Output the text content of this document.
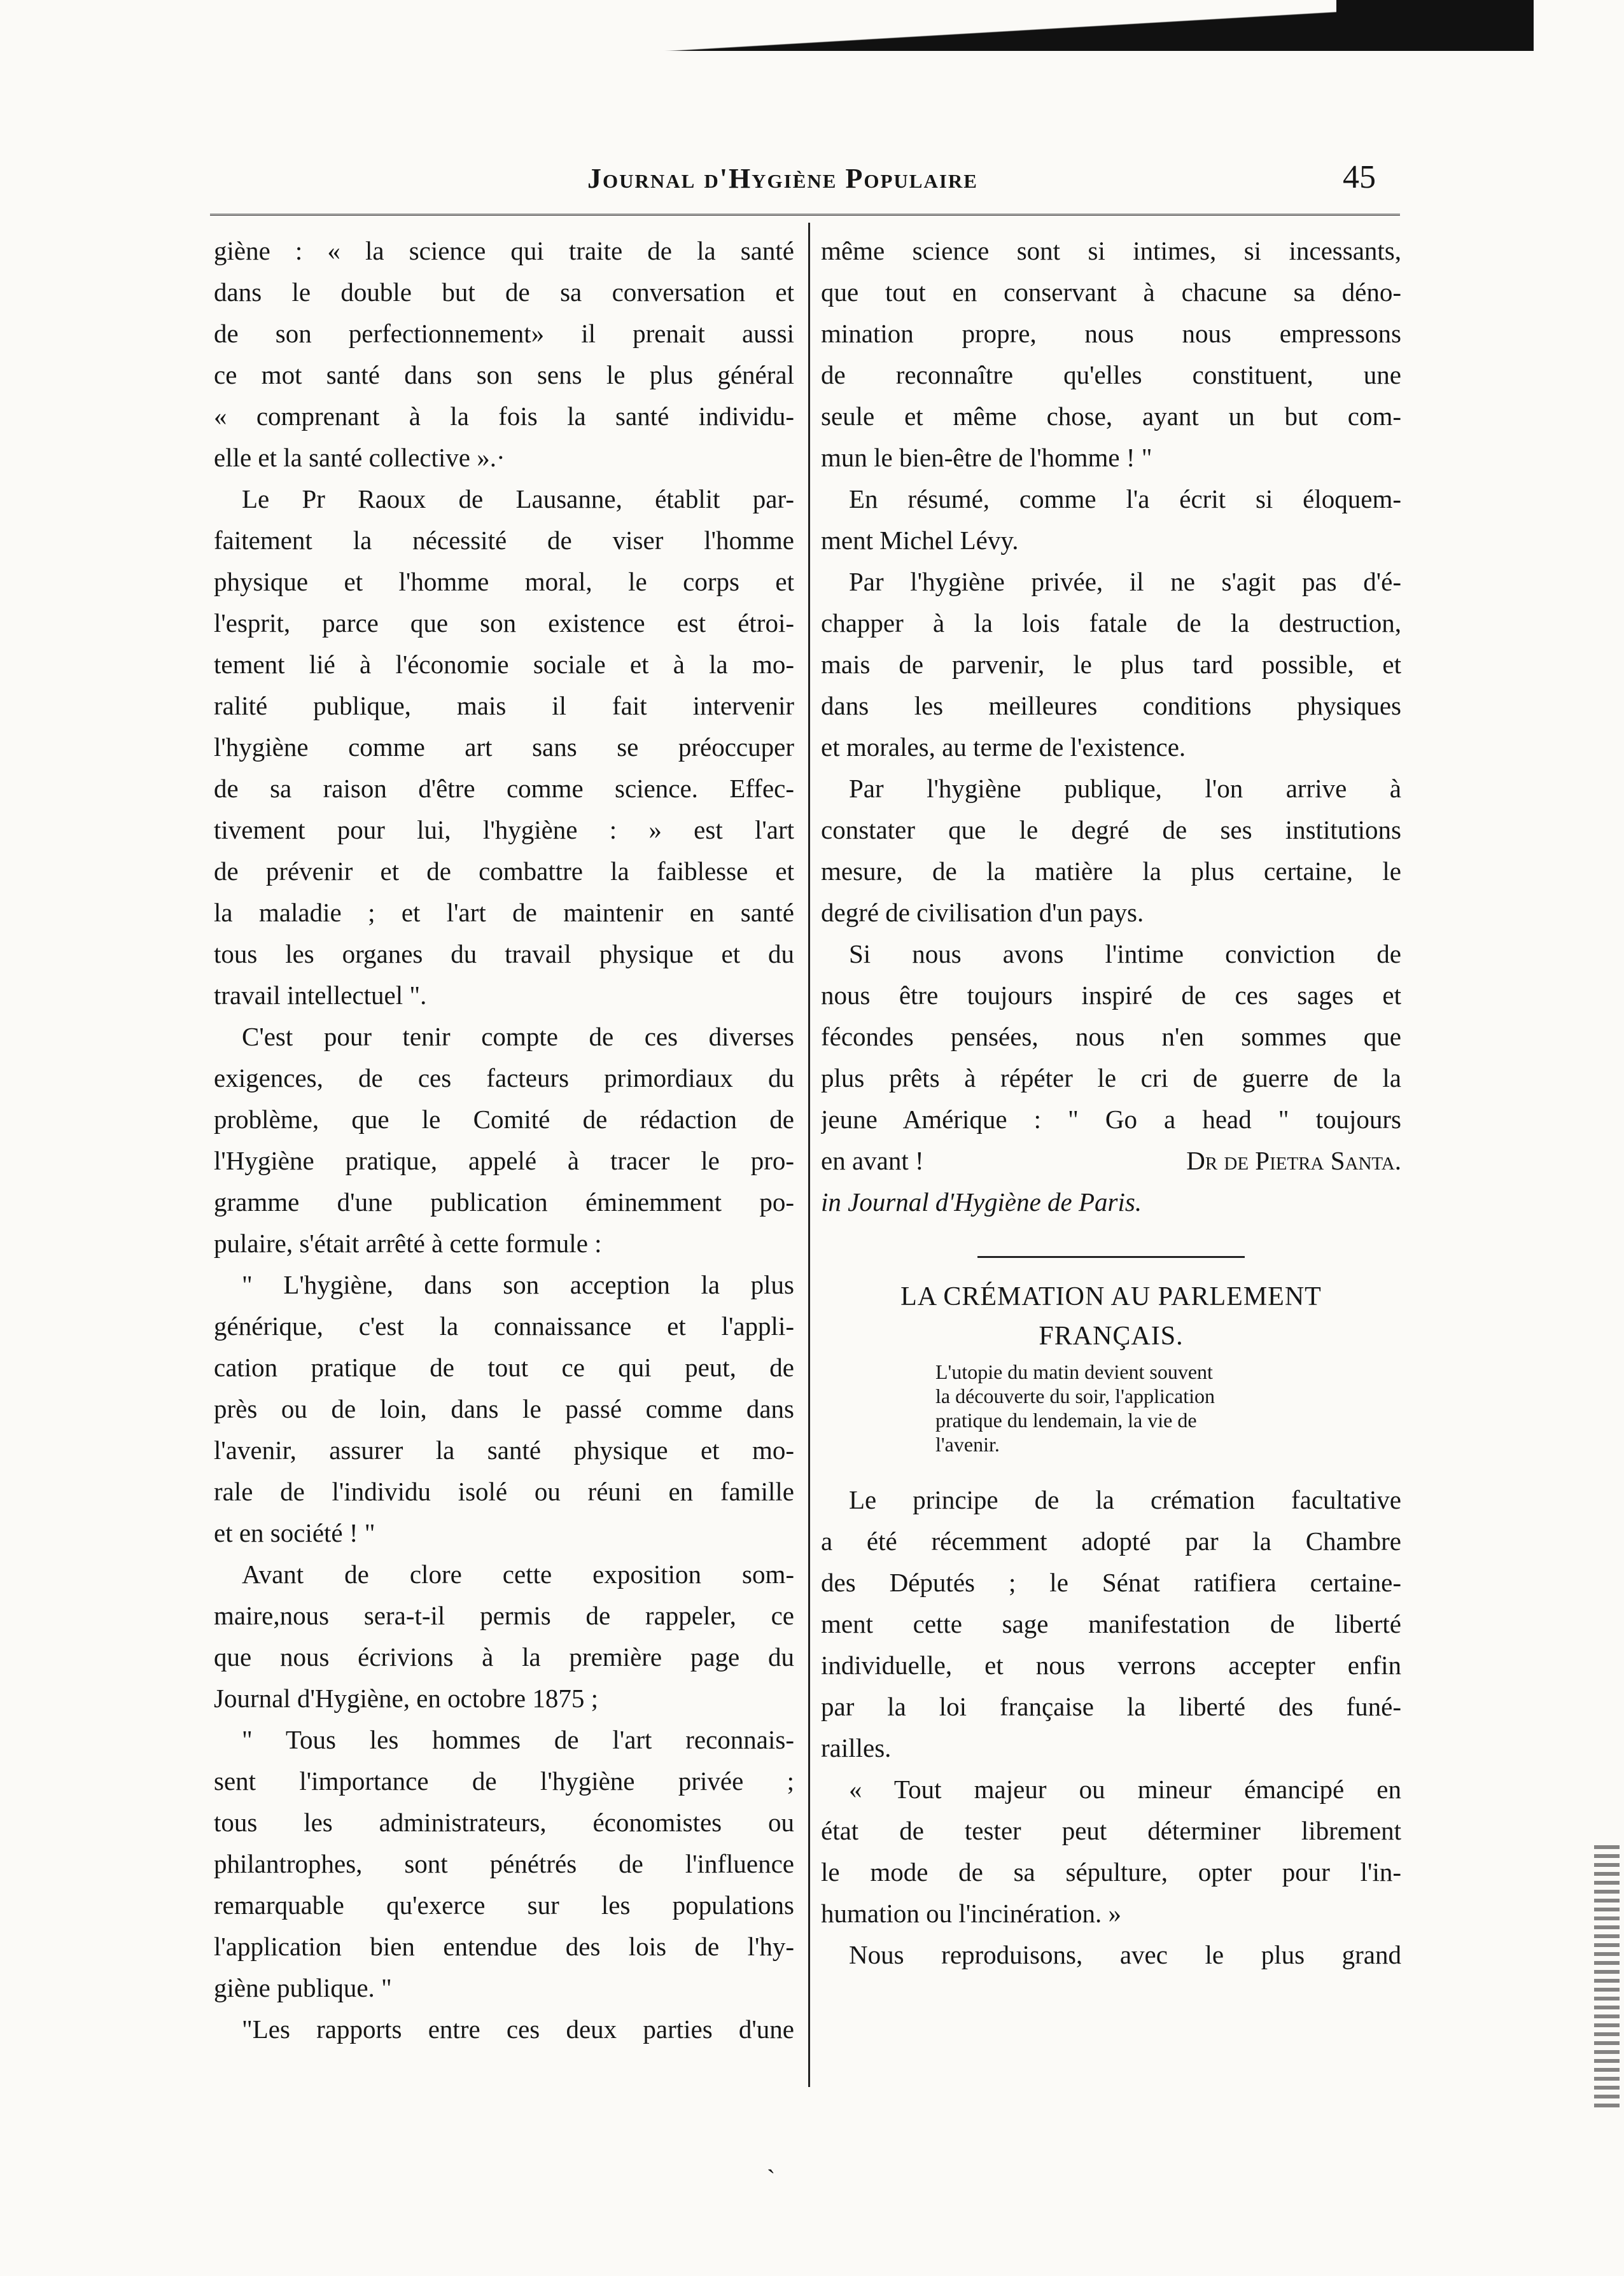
Journal d'Hygiène Populaire	45
giène : « la science qui traite de la santé
dans le double but de sa conversation et
de son perfectionnement» il prenait aussi
ce mot santé dans son sens le plus général
« comprenant à la fois la santé individu-
elle et la santé collective ».·
Le Pr Raoux de Lausanne, établit par-
faitement la nécessité de viser l'homme
physique et l'homme moral, le corps et
l'esprit, parce que son existence est étroi-
tement lié à l'économie sociale et à la mo-
ralité publique, mais il fait intervenir
l'hygiène comme art sans se préoccuper
de sa raison d'être comme science. Effec-
tivement pour lui, l'hygiène : » est l'art
de prévenir et de combattre la faiblesse et
la maladie ; et l'art de maintenir en santé
tous les organes du travail physique et du
travail intellectuel ".
C'est pour tenir compte de ces diverses
exigences, de ces facteurs primordiaux du
problème, que le Comité de rédaction de
l'Hygiène pratique, appelé à tracer le pro-
gramme d'une publication éminemment po-
pulaire, s'était arrêté à cette formule :
" L'hygiène, dans son acception la plus
générique, c'est la connaissance et l'appli-
cation pratique de tout ce qui peut, de
près ou de loin, dans le passé comme dans
l'avenir, assurer la santé physique et mo-
rale de l'individu isolé ou réuni en famille
et en société ! "
Avant de clore cette exposition som-
maire,nous sera-t-il permis de rappeler, ce
que nous écrivions à la première page du
Journal d'Hygiène, en octobre 1875 ;
" Tous les hommes de l'art reconnais-
sent l'importance de l'hygiène privée ;
tous les administrateurs, économistes ou
philantrophes, sont pénétrés de l'influence
remarquable qu'exerce sur les populations
l'application bien entendue des lois de l'hy-
giène publique. "
"Les rapports entre ces deux parties d'une
même science sont si intimes, si incessants,
que tout en conservant à chacune sa déno-
mination propre, nous nous empressons
de reconnaître qu'elles constituent, une
seule et même chose, ayant un but com-
mun le bien-être de l'homme ! "
En résumé, comme l'a écrit si éloquem-
ment Michel Lévy.
Par l'hygiène privée, il ne s'agit pas d'é-
chapper à la lois fatale de la destruction,
mais de parvenir, le plus tard possible, et
dans les meilleures conditions physiques
et morales, au terme de l'existence.
Par l'hygiène publique, l'on arrive à
constater que le degré de ses institutions
mesure, de la matière la plus certaine, le
degré de civilisation d'un pays.
Si nous avons l'intime conviction de
nous être toujours inspiré de ces sages et
fécondes pensées, nous n'en sommes que
plus prêts à répéter le cri de guerre de la
jeune Amérique : " Go a head " toujours
en avant !	Dr de Pietra Santa.
in Journal d'Hygiène de Paris.
LA CRÉMATION AU PARLEMENT
FRANÇAIS.
L'utopie du matin devient souvent
la découverte du soir, l'application
pratique du lendemain, la vie de
l'avenir.
Le principe de la crémation facultative
a été récemment adopté par la Chambre
des Députés ; le Sénat ratifiera certaine-
ment cette sage manifestation de liberté
individuelle, et nous verrons accepter enfin
par la loi française la liberté des funé-
railles.
« Tout majeur ou mineur émancipé en
état de tester peut déterminer librement
le mode de sa sépulture, opter pour l'in-
humation ou l'incinération. »
Nous reproduisons, avec le plus grand
ˎ
